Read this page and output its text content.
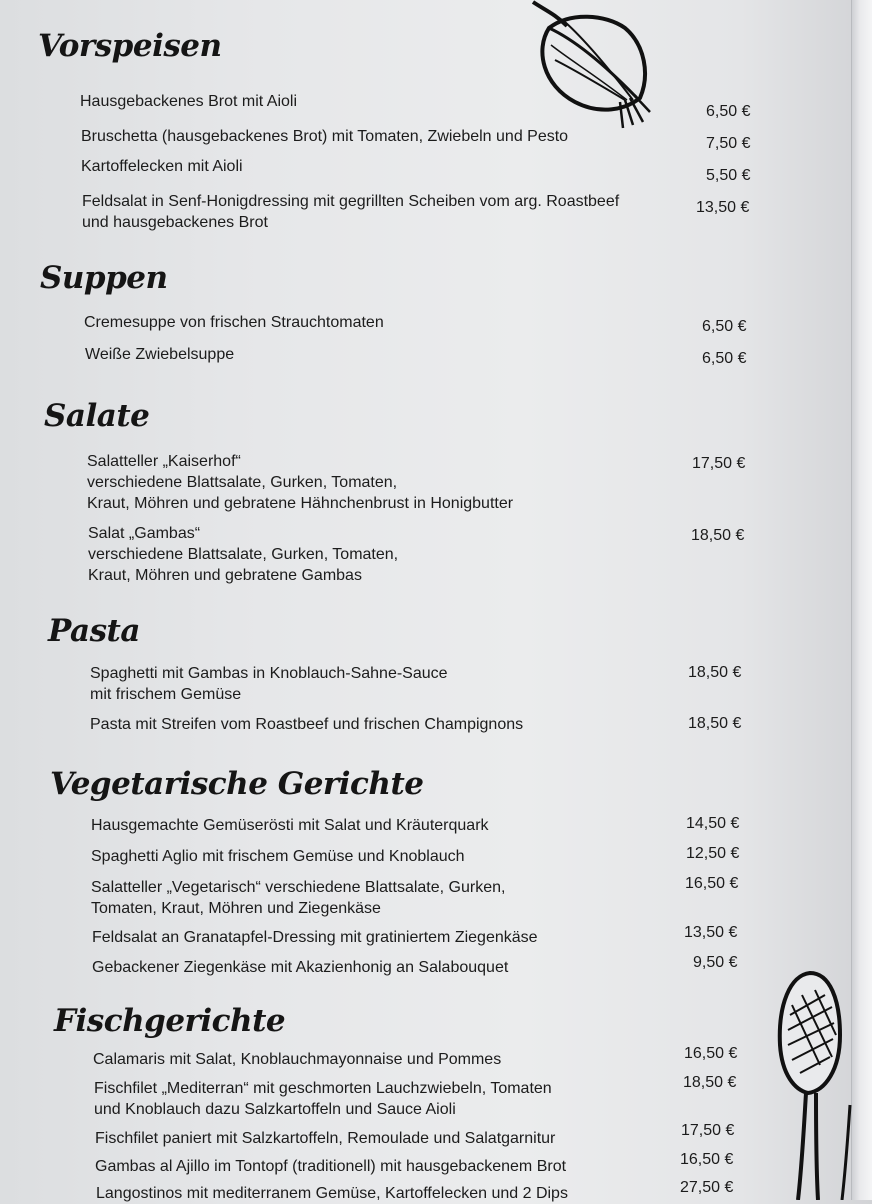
Vorspeisen
Hausgebackenes Brot mit Aioli
6,50 €
Bruschetta (hausgebackenes Brot) mit Tomaten, Zwiebeln und Pesto	7,50 €
Kartoffelecken mit Aioli
5,50 €
Feldsalat in Senf-Honigdressing mit gegrillten Scheiben vom arg. Roastbeef
und hausgebackenes Brot
13,50 €
Suppen
Cremesuppe von frischen Strauchtomaten	6,50 €
Weiße Zwiebelsuppe	6,50 €
Salate
Salatteller „Kaiserhof“
verschiedene Blattsalate, Gurken, Tomaten,
Kraut, Möhren und gebratene Hähnchenbrust in Honigbutter
17,50 €
Salat „Gambas“
verschiedene Blattsalate, Gurken, Tomaten,
Kraut, Möhren und gebratene Gambas
18,50 €
Pasta
Spaghetti mit Gambas in Knoblauch-Sahne-Sauce
mit frischem Gemüse
18,50 €
Pasta mit Streifen vom Roastbeef und frischen Champignons	18,50 €
Vegetarische Gerichte
Hausgemachte Gemüserösti mit Salat und Kräuterquark	14,50 €
Spaghetti Aglio mit frischem Gemüse und Knoblauch	12,50 €
Salatteller „Vegetarisch“ verschiedene Blattsalate, Gurken,
Tomaten, Kraut, Möhren und Ziegenkäse
16,50 €
Feldsalat an Granatapfel-Dressing mit gratiniertem Ziegenkäse	13,50 €
Gebackener Ziegenkäse mit Akazienhonig an Salabouquet	9,50 €
Fischgerichte
Calamaris mit Salat, Knoblauchmayonnaise und Pommes	16,50 €
Fischfilet „Mediterran“ mit geschmorten Lauchzwiebeln, Tomaten
und Knoblauch dazu Salzkartoffeln und Sauce Aioli
18,50 €
Fischfilet paniert mit Salzkartoffeln, Remoulade und Salatgarnitur	17,50 €
Gambas al Ajillo im Tontopf (traditionell) mit hausgebackenem Brot	16,50 €
Langostinos mit mediterranem Gemüse, Kartoffelecken und 2 Dips	27,50 €
